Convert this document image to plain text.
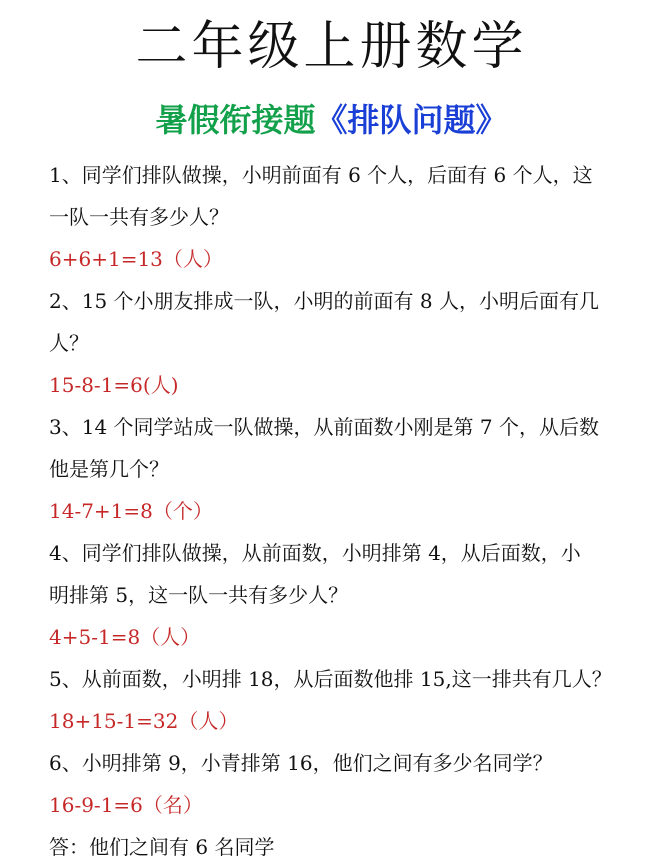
二年级上册数学
暑假衔接题《排队问题》
1、同学们排队做操，小明前面有 6 个人，后面有 6 个人，这
一队一共有多少人？
6+6+1=13（人）
2、15 个小朋友排成一队，小明的前面有 8 人，小明后面有几
人？
15-8-1=6(人)
3、14 个同学站成一队做操，从前面数小刚是第 7 个，从后数
他是第几个？
14-7+1=8（个）
4、同学们排队做操，从前面数，小明排第 4，从后面数，小
明排第 5，这一队一共有多少人？
4+5-1=8（人）
5、从前面数，小明排 18，从后面数他排 15,这一排共有几人？
18+15-1=32（人）
6、小明排第 9，小青排第 16，他们之间有多少名同学？
16-9-1=6（名）
答：他们之间有 6 名同学
